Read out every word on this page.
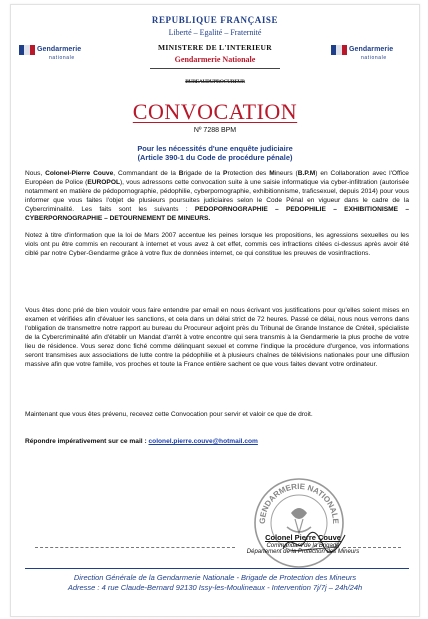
Gendarmerie
nationale
Gendarmerie
nationale
REPUBLIQUE FRANÇAISE
Liberté – Egalité – Fraternité
MINISTERE DE L'INTERIEUR
Gendarmerie Nationale
BUREAUDUPROCUREUR
CONVOCATION
Nº 7288 BPM
Pour les nécessités d'une enquête judiciaire
(Article 390-1 du Code de procédure pénale)
Nous, Colonel-Pierre Couve, Commandant de la Brigade de la Protection des Mineurs (B.P.M) en Collaboration avec l'Office Européen de Police (EUROPOL), vous adressons cette convocation suite à une saisie informatique via cyber-infiltration (autorisée notamment en matière de pédopornographie, pédophilie, cyberpornographie, exhibitionnisme, traficsexuel, depuis 2014) pour vous informer que vous faites l'objet de plusieurs poursuites judiciaires selon le Code Pénal en vigueur dans le cadre de la Cybercriminalité. Les faits sont les suivants : PEDOPORNOGRAPHIE – PEDOPHILIE – EXHIBITIONISME – CYBERPORNOGRAPHIE – DETOURNEMENT DE MINEURS.
Notez à titre d'information que la loi de Mars 2007 accentue les peines lorsque les propositions, les agressions sexuelles ou les viols ont pu être commis en recourant à internet et vous avez à cet effet, commis ces infractions citées ci-dessus après avoir été ciblé par notre Cyber-Gendarme grâce à votre flux de données internet, ce qui constitue les preuves de vosinfractions.
Vous êtes donc prié de bien vouloir vous faire entendre par email en nous écrivant vos justifications pour qu'elles soient mises en examen et vérifiées afin d'évaluer les sanctions, et cela dans un délai strict de 72 heures. Passé ce délai, nous nous verrons dans l'obligation de transmettre notre rapport au bureau du Procureur adjoint près du Tribunal de Grande Instance de Créteil, spécialiste de la Cybercriminalité afin d'établir un Mandat d'arrêt à votre encontre qui sera transmis à la Gendarmerie la plus proche de votre lieu de résidence. Vous serez donc fiché comme délinquant sexuel et comme l'indique la procédure d'urgence, vos informations seront transmises aux associations de lutte contre la pédophilie et à plusieurs chaînes de télévisions nationales pour une diffusion massive afin que votre famille, vos proches et toute la France entière sachent ce que vous faites devant votre ordinateur.
Maintenant que vous êtes prévenu, recevez cette Convocation pour servir et valoir ce que de droit.
Répondre impérativement sur ce mail : colonel.pierre.couve@hotmail.com
GENDARMERIE NATIONALE
Colonel Pierre Couve
Commandant de la Brigade
Département de la Protection des Mineurs
Direction Générale de la Gendarmerie Nationale - Brigade de Protection des Mineurs
Adresse : 4 rue Claude-Bernard 92130 Issy-les-Moulineaux - Intervention 7j/7j – 24h/24h
